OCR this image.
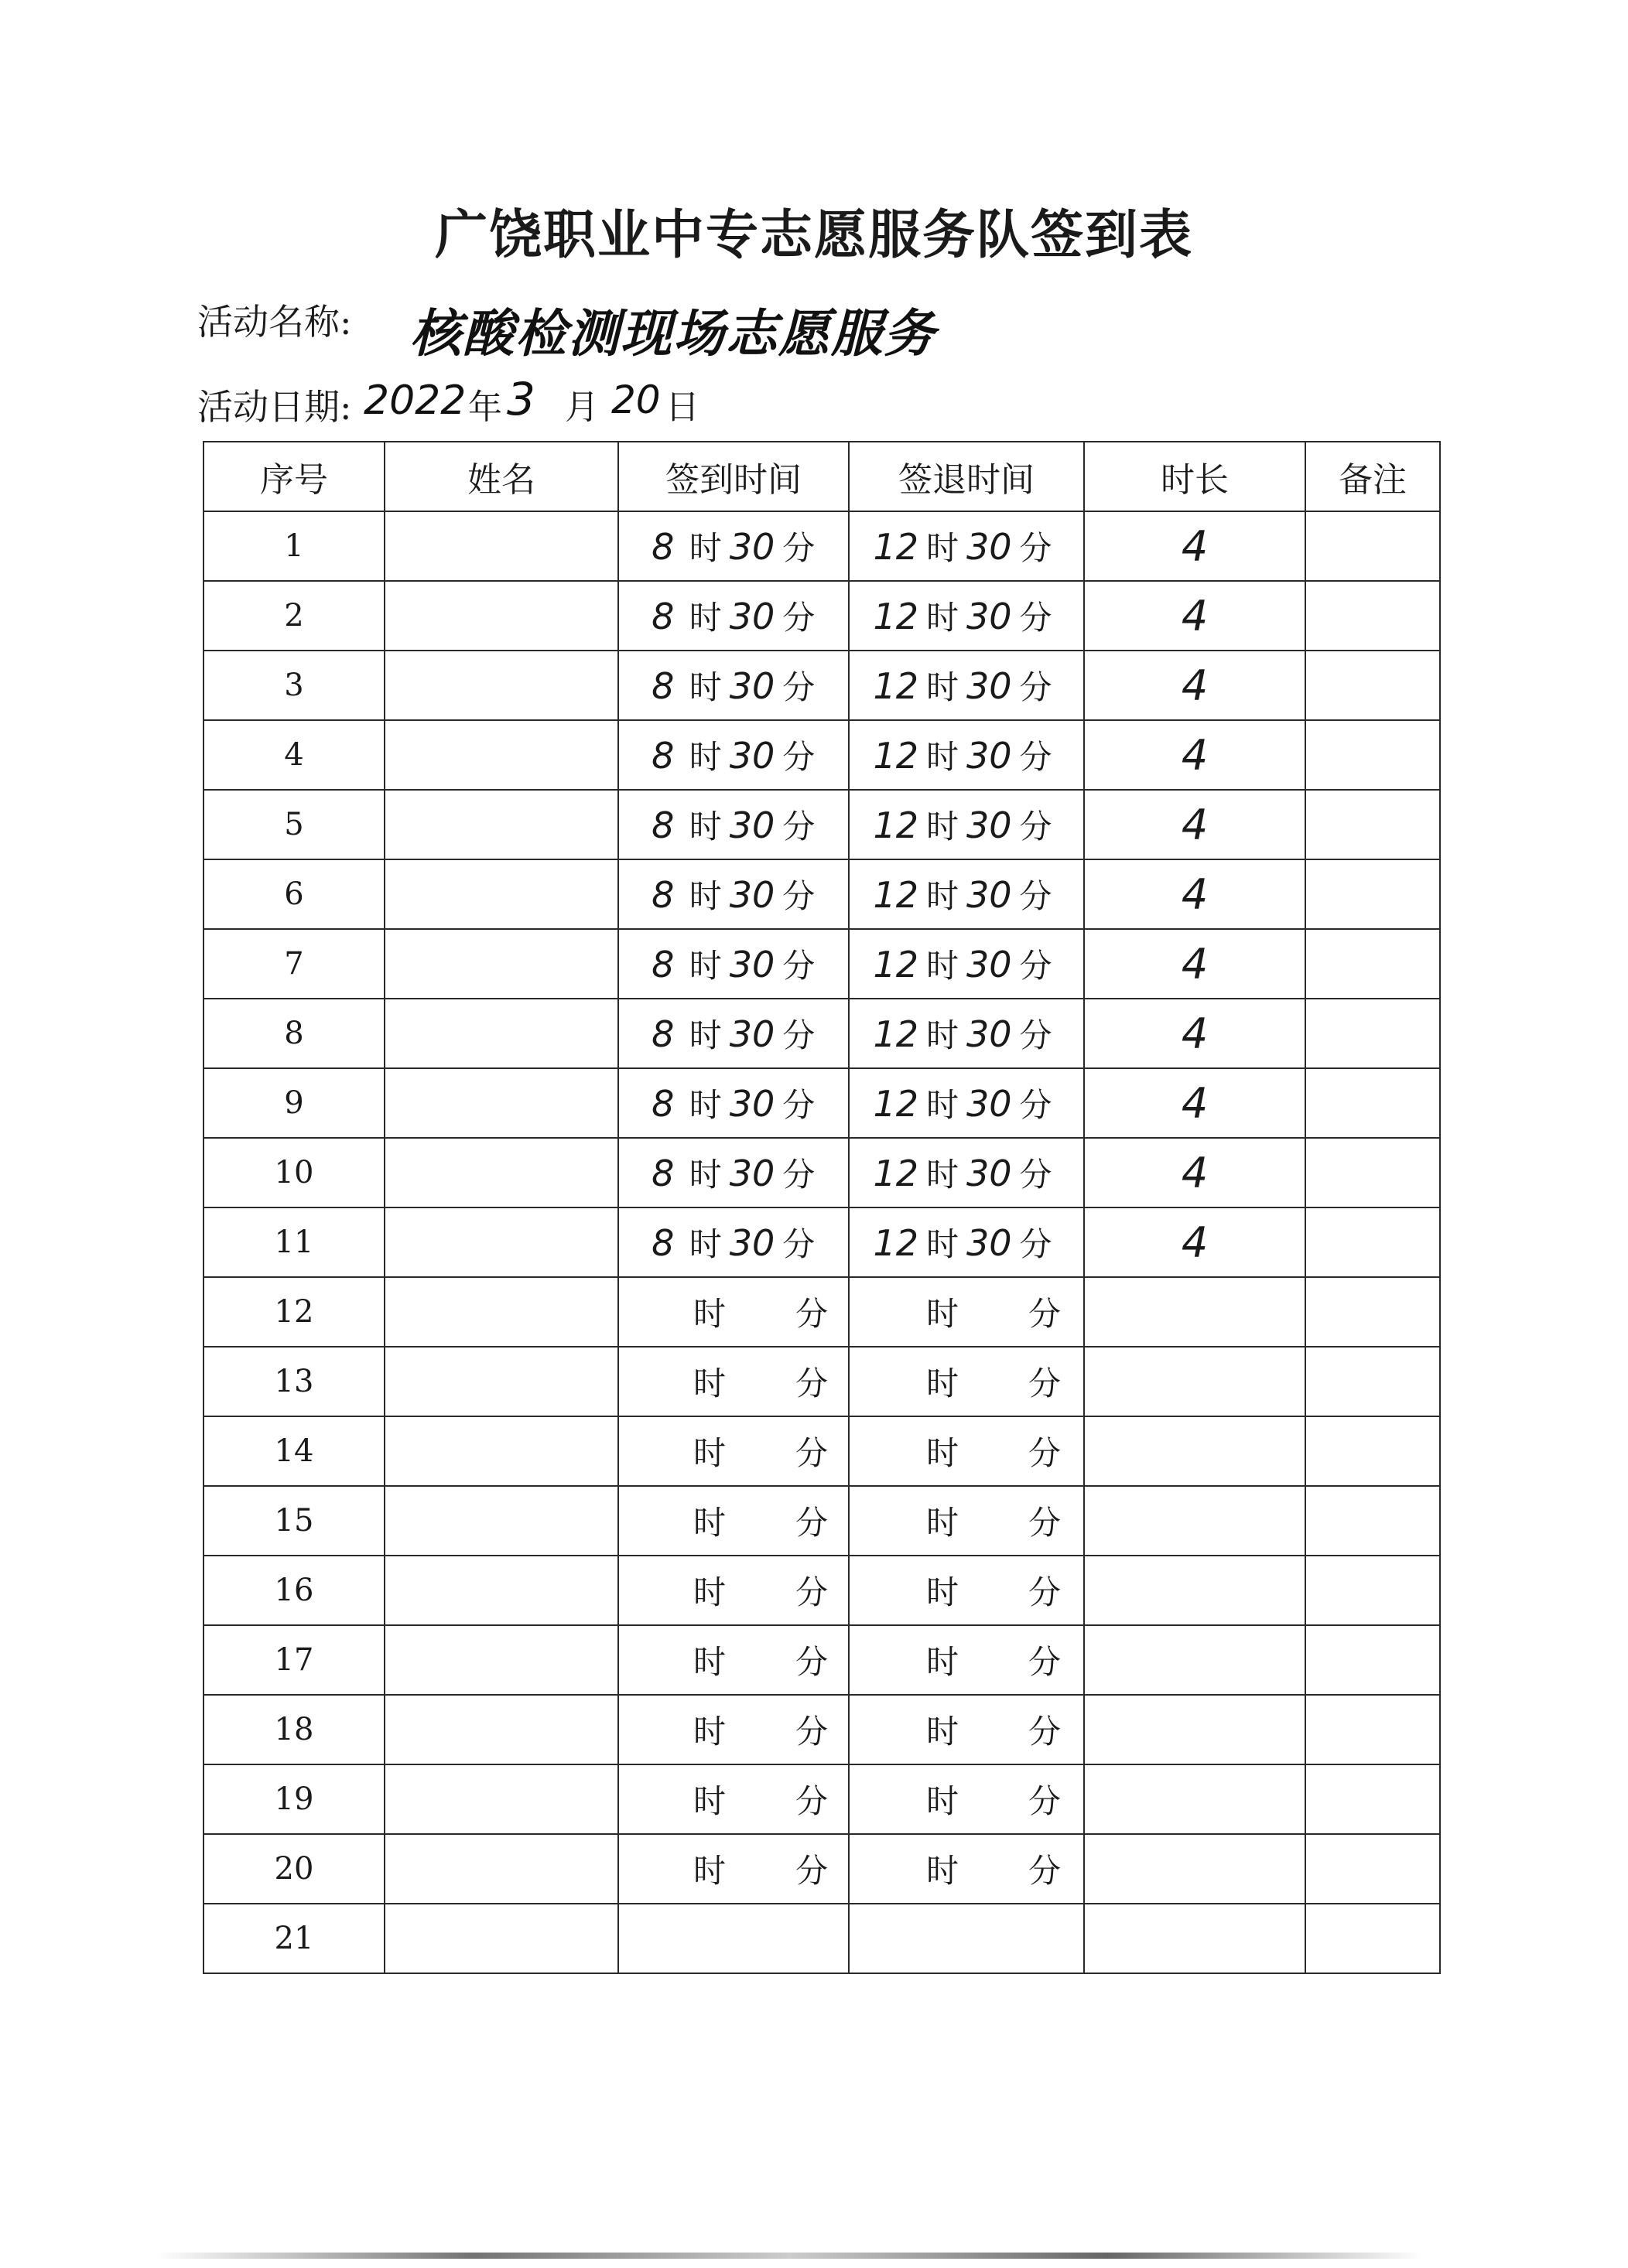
广饶职业中专志愿服务队签到表
活动名称: 核酸检测现场志愿服务
活动日期: 2022 年 3 月 20 日
序号	姓名	签到时间	签退时间	时长	备注
1		8 时 30 分	12 时 30 分	4	
2		8 时 30 分	12 时 30 分	4	
3		8 时 30 分	12 时 30 分	4	
4		8 时 30 分	12 时 30 分	4	
5		8 时 30 分	12 时 30 分	4	
6		8 时 30 分	12 时 30 分	4	
7		8 时 30 分	12 时 30 分	4	
8		8 时 30 分	12 时 30 分	4	
9		8 时 30 分	12 时 30 分	4	
10		8 时 30 分	12 时 30 分	4	
11		8 时 30 分	12 时 30 分	4	
12		时 分	时 分		
13		时 分	时 分		
14		时 分	时 分		
15		时 分	时 分		
16		时 分	时 分		
17		时 分	时 分		
18		时 分	时 分		
19		时 分	时 分		
20		时 分	时 分		
21					
